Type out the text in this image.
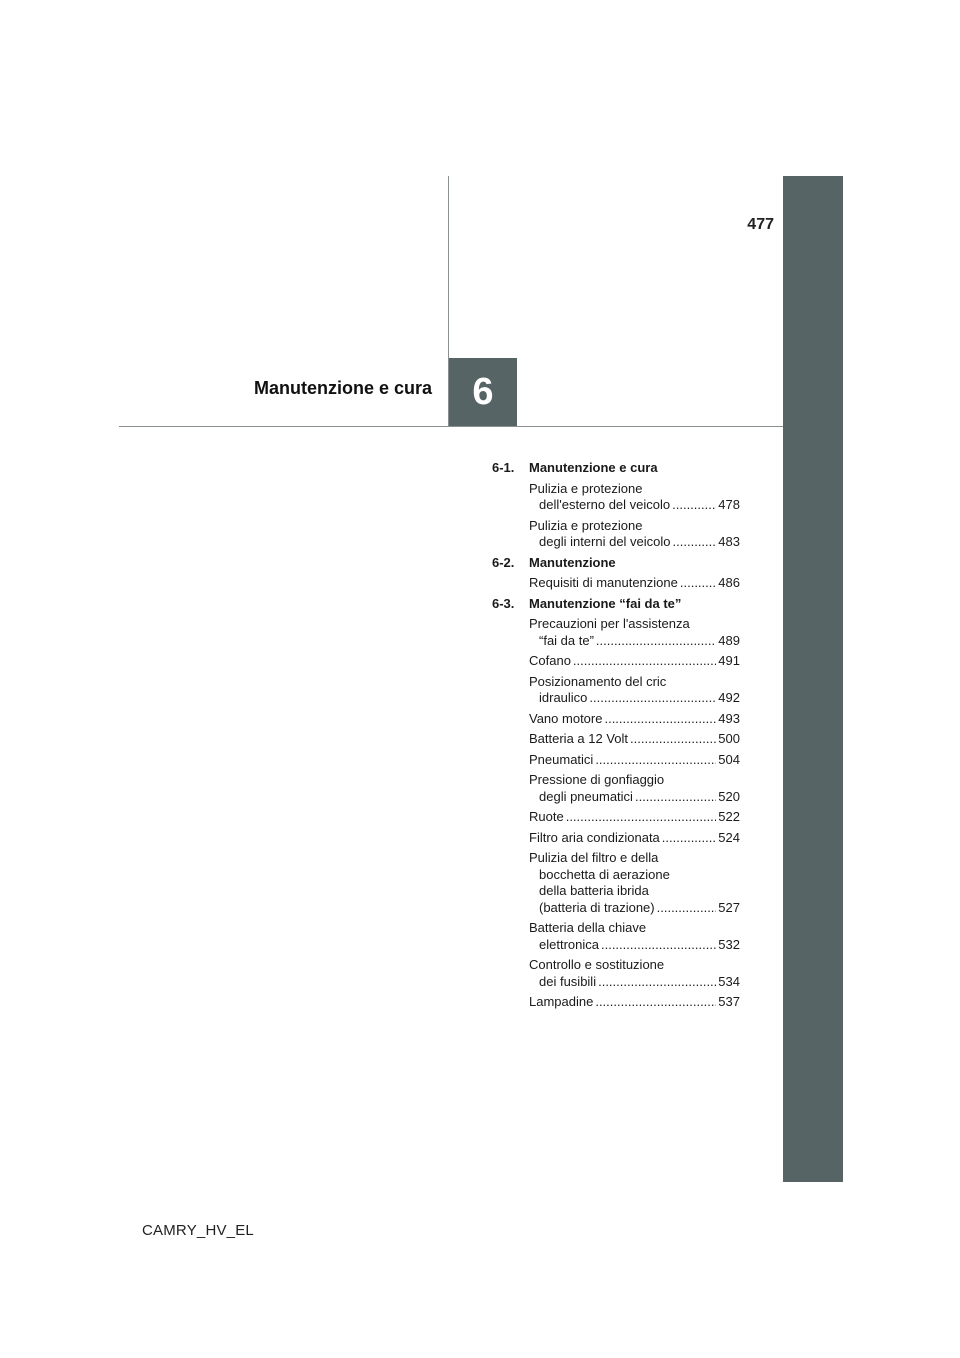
477
Manutenzione e cura 6
6-1. Manutenzione e cura
Pulizia e protezione
dell'esterno del veicolo .....	478
Pulizia e protezione
degli interni del veicolo .....	483
6-2. Manutenzione
Requisiti di manutenzione .....	486
6-3. Manutenzione “fai da te”
Precauzioni per l'assistenza
“fai da te” .....	489
Cofano .....	491
Posizionamento del cric
idraulico .....	492
Vano motore .....	493
Batteria a 12 Volt .....	500
Pneumatici .....	504
Pressione di gonfiaggio
degli pneumatici .....	520
Ruote .....	522
Filtro aria condizionata .....	524
Pulizia del filtro e della
bocchetta di aerazione
della batteria ibrida
(batteria di trazione) .....	527
Batteria della chiave
elettronica .....	532
Controllo e sostituzione
dei fusibili .....	534
Lampadine .....	537
CAMRY_HV_EL
